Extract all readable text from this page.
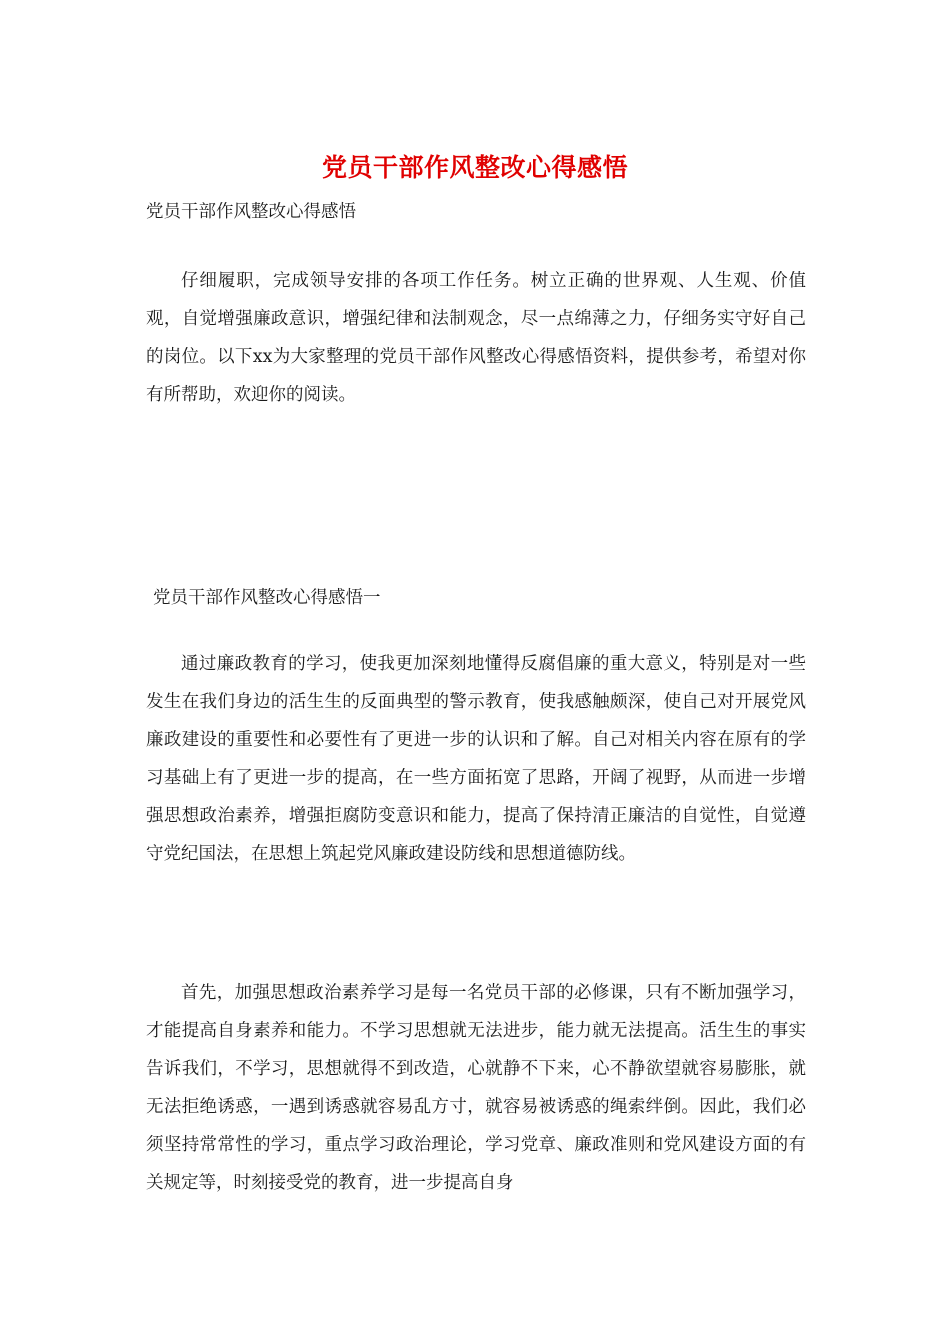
党员干部作风整改心得感悟

党员干部作风整改心得感悟

仔细履职，完成领导安排的各项工作任务。树立正确的世界观、人生观、价值观，自觉增强廉政意识，增强纪律和法制观念，尽一点绵薄之力，仔细务实守好自己的岗位。以下xx为大家整理的党员干部作风整改心得感悟资料，提供参考，希望对你有所帮助，欢迎你的阅读。

党员干部作风整改心得感悟一

通过廉政教育的学习，使我更加深刻地懂得反腐倡廉的重大意义，特别是对一些发生在我们身边的活生生的反面典型的警示教育，使我感触颇深，使自己对开展党风廉政建设的重要性和必要性有了更进一步的认识和了解。自己对相关内容在原有的学习基础上有了更进一步的提高，在一些方面拓宽了思路，开阔了视野，从而进一步增强思想政治素养，增强拒腐防变意识和能力，提高了保持清正廉洁的自觉性，自觉遵守党纪国法，在思想上筑起党风廉政建设防线和思想道德防线。

首先，加强思想政治素养学习是每一名党员干部的必修课，只有不断加强学习，才能提高自身素养和能力。不学习思想就无法进步，能力就无法提高。活生生的事实告诉我们，不学习，思想就得不到改造，心就静不下来，心不静欲望就容易膨胀，就无法拒绝诱惑，一遇到诱惑就容易乱方寸，就容易被诱惑的绳索绊倒。因此，我们必须坚持常常性的学习，重点学习政治理论，学习党章、廉政准则和党风建设方面的有关规定等，时刻接受党的教育，进一步提高自身
